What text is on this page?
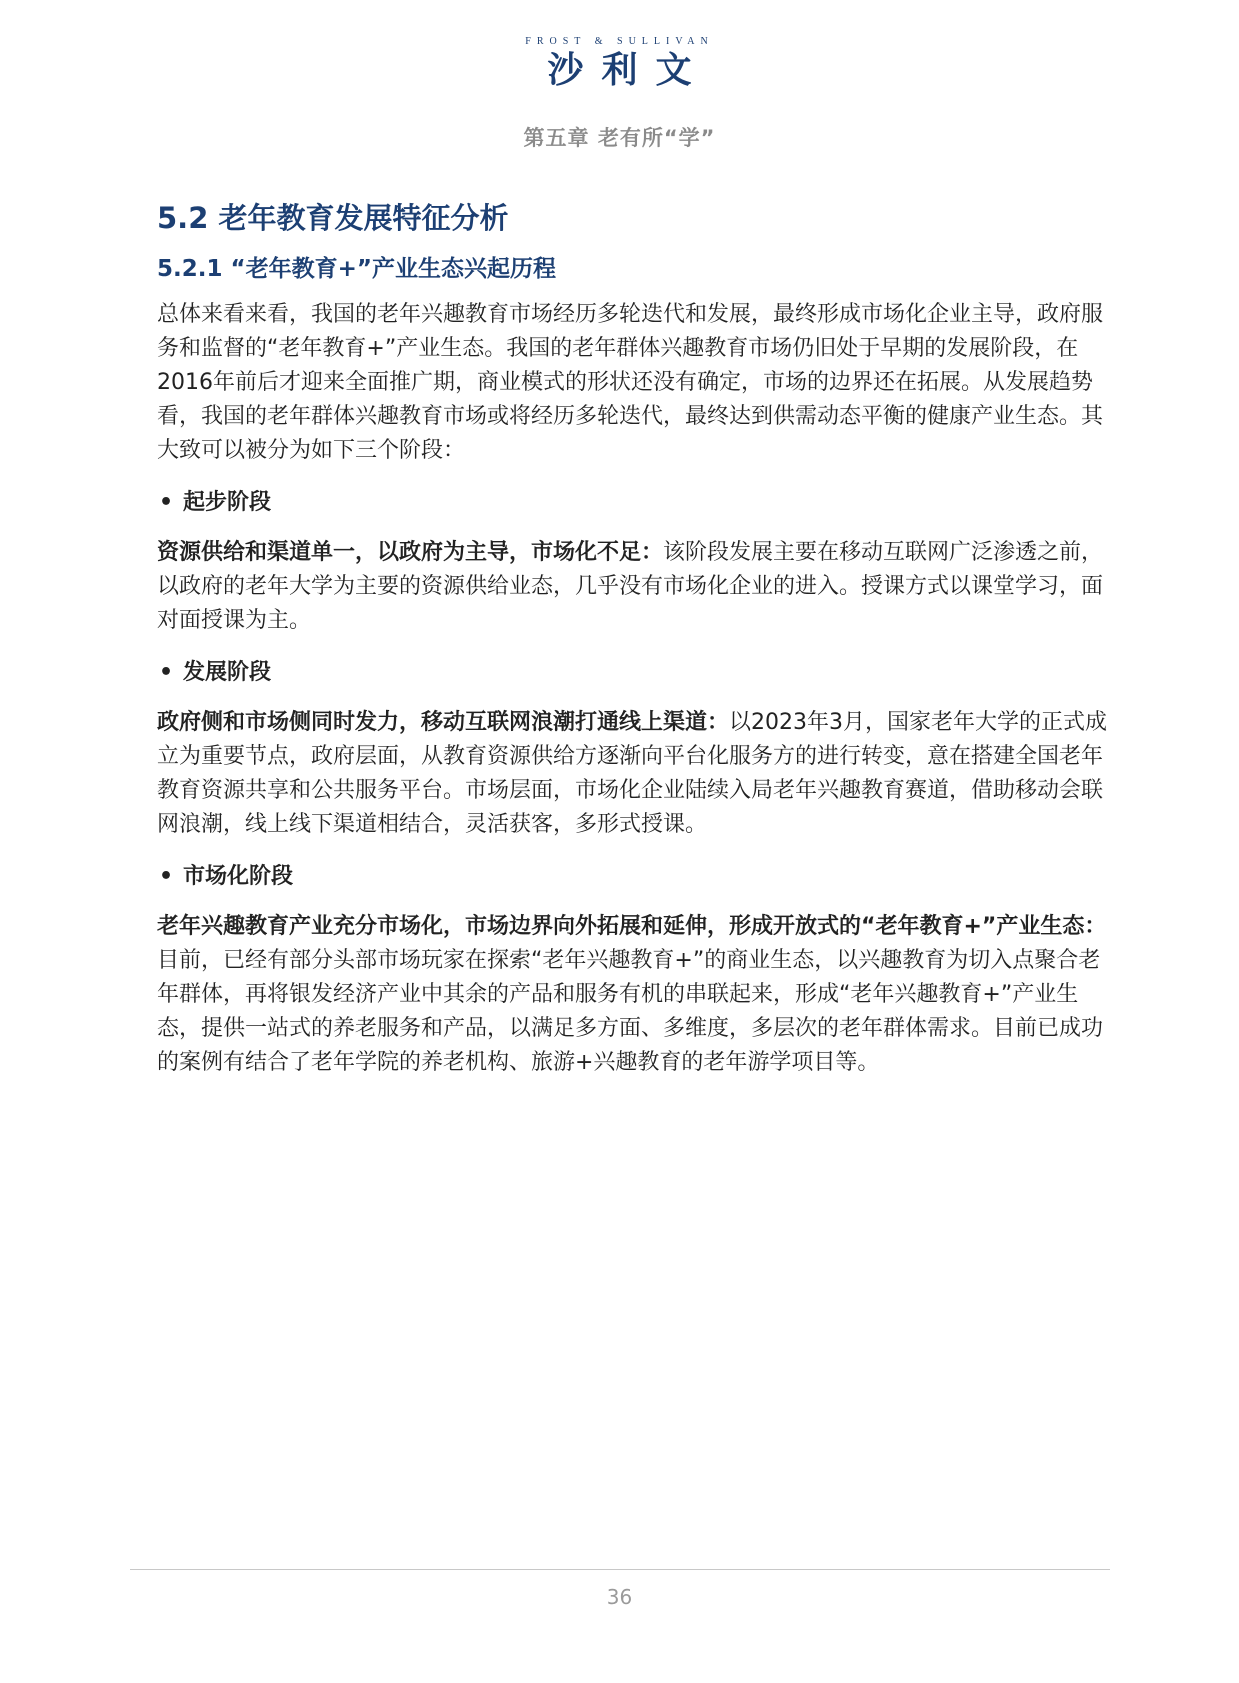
FROST & SULLIVAN
沙利文
第五章 老有所“学”
5.2 老年教育发展特征分析
5.2.1 “老年教育+”产业生态兴起历程

总体来看来看，我国的老年兴趣教育市场经历多轮迭代和发展，最终形成市场化企业主导，政府服务和监督的“老年教育+”产业生态。我国的老年群体兴趣教育市场仍旧处于早期的发展阶段，在2016年前后才迎来全面推广期，商业模式的形状还没有确定，市场的边界还在拓展。从发展趋势看，我国的老年群体兴趣教育市场或将经历多轮迭代，最终达到供需动态平衡的健康产业生态。其大致可以被分为如下三个阶段：

• 起步阶段

资源供给和渠道单一，以政府为主导，市场化不足：该阶段发展主要在移动互联网广泛渗透之前，以政府的老年大学为主要的资源供给业态，几乎没有市场化企业的进入。授课方式以课堂学习，面对面授课为主。

• 发展阶段

政府侧和市场侧同时发力，移动互联网浪潮打通线上渠道：以2023年3月，国家老年大学的正式成立为重要节点，政府层面，从教育资源供给方逐渐向平台化服务方的进行转变，意在搭建全国老年教育资源共享和公共服务平台。市场层面，市场化企业陆续入局老年兴趣教育赛道，借助移动会联网浪潮，线上线下渠道相结合，灵活获客，多形式授课。

• 市场化阶段

老年兴趣教育产业充分市场化，市场边界向外拓展和延伸，形成开放式的“老年教育+”产业生态：目前，已经有部分头部市场玩家在探索“老年兴趣教育+”的商业生态，以兴趣教育为切入点聚合老年群体，再将银发经济产业中其余的产品和服务有机的串联起来，形成“老年兴趣教育+”产业生态，提供一站式的养老服务和产品，以满足多方面、多维度，多层次的老年群体需求。目前已成功的案例有结合了老年学院的养老机构、旅游+兴趣教育的老年游学项目等。

36
